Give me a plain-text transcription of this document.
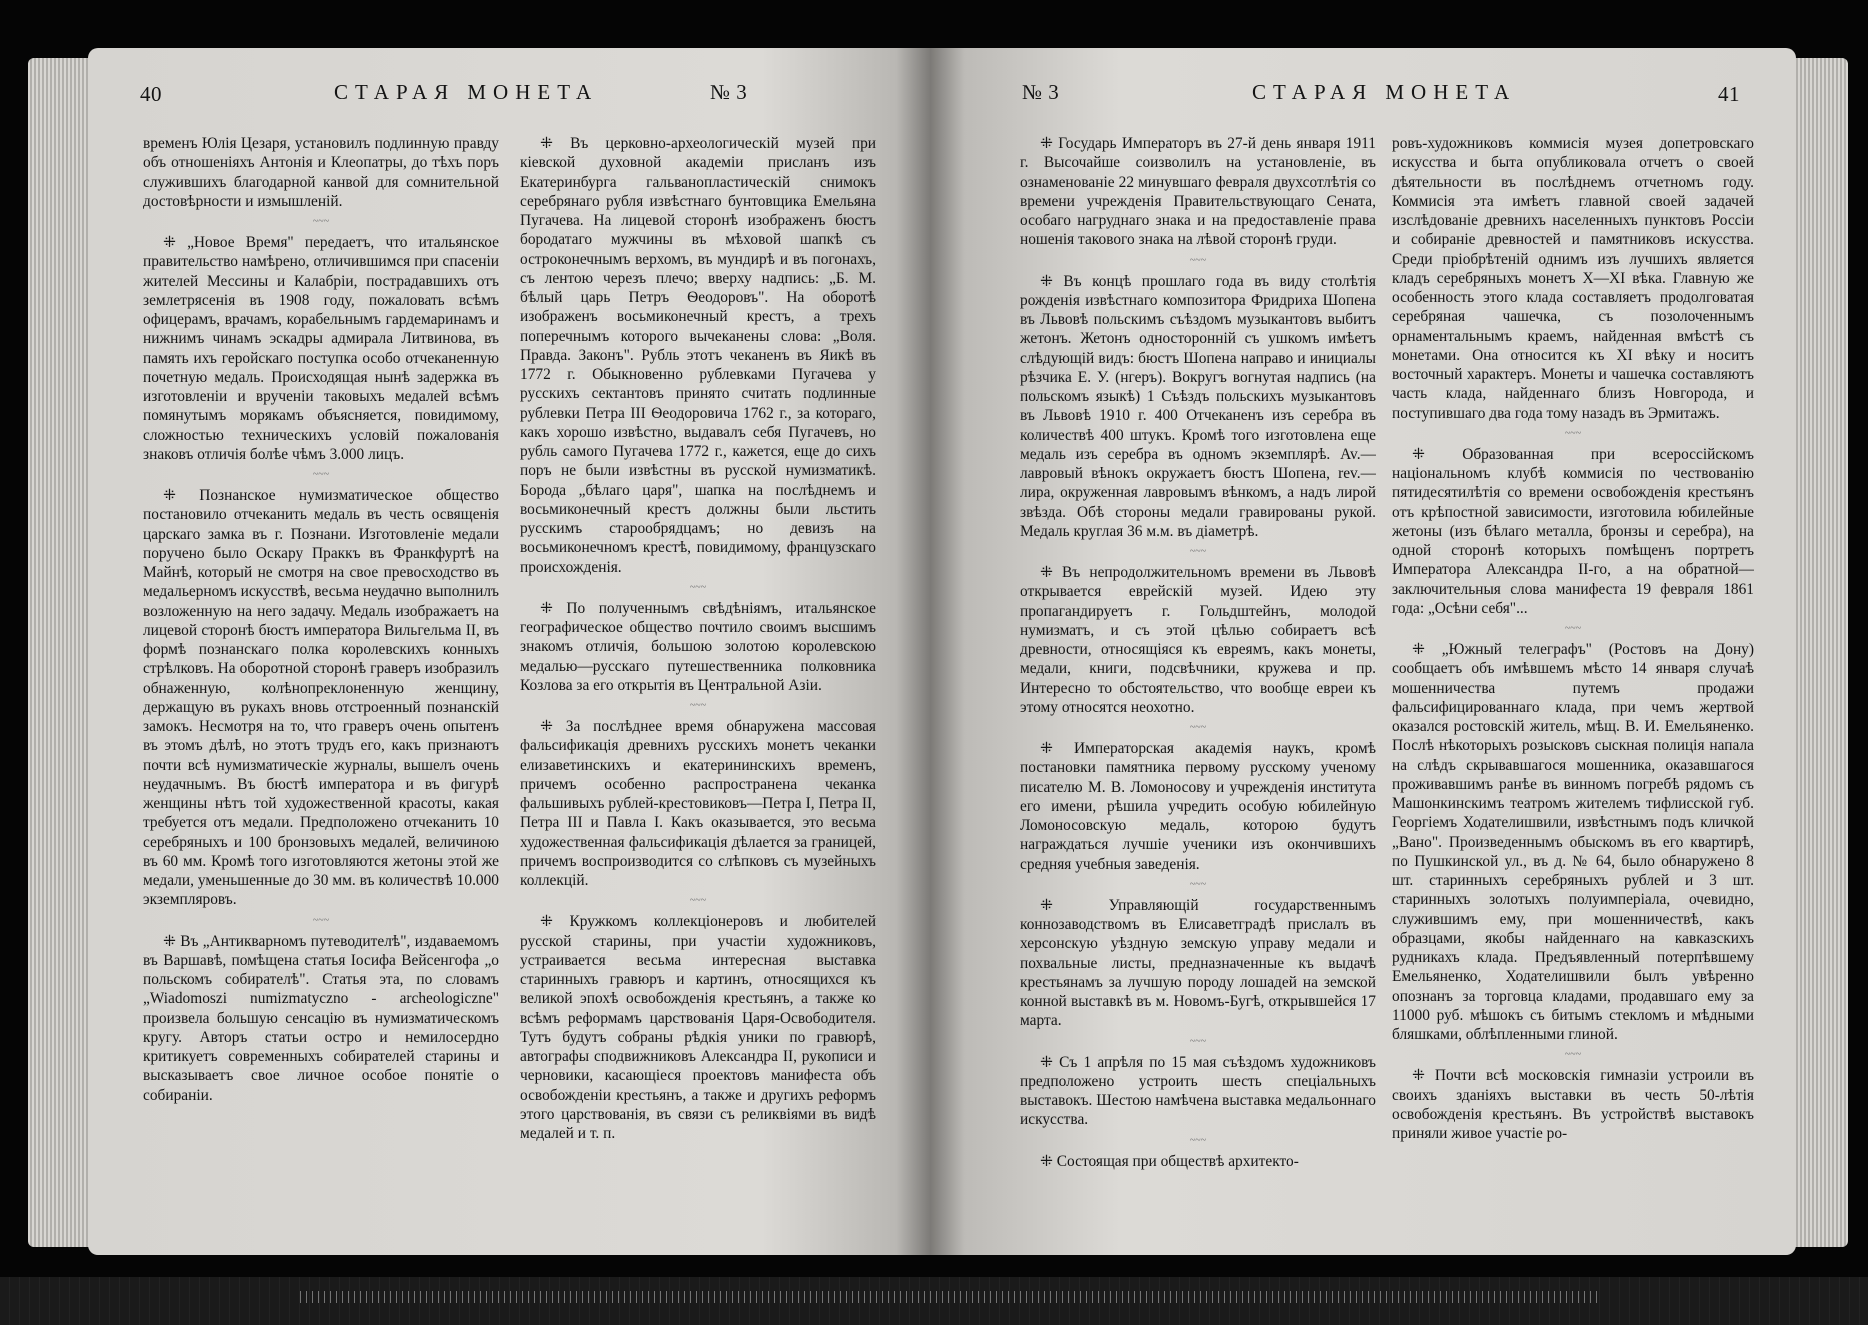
40	СТАРАЯ МОНЕТА	№ 3
временъ Юлія Цезаря, установилъ подлинную правду объ отношеніяхъ Антонія и Клеопатры, до тѣхъ поръ служившихъ благодарной канвой для сомнительной достовѣрности и измышленій.
~~~
⁜ „Новое Время" передаетъ, что итальянское правительство намѣрено, отличившимся при спасеніи жителей Мессины и Калабріи, пострадавшихъ отъ землетрясенія въ 1908 году, пожаловать всѣмъ офицерамъ, врачамъ, корабельнымъ гардемаринамъ и нижнимъ чинамъ эскадры адмирала Литвинова, въ память ихъ геройскаго поступка особо отчеканенную почетную медаль. Происходящая нынѣ задержка въ изготовленіи и врученіи таковыхъ медалей всѣмъ помянутымъ морякамъ объясняется, повидимому, сложностью техническихъ условій пожалованія знаковъ отличія болѣе чѣмъ 3.000 лицъ.
~~~
⁜ Познанское нумизматическое общество постановило отчеканить медаль въ честь освященія царскаго замка въ г. Познани. Изготовленіе медали поручено было Оскару Праккъ въ Франкфуртѣ на Майнѣ, который не смотря на свое превосходство въ медальерномъ искусствѣ, весьма неудачно выполнилъ возложенную на него задачу. Медаль изображаетъ на лицевой сторонѣ бюстъ императора Вильгельма II, въ формѣ познанскаго полка королевскихъ конныхъ стрѣлковъ. На оборотной сторонѣ граверъ изобразилъ обнаженную, колѣнопреклоненную женщину, держащую въ рукахъ вновь отстроенный познанскій замокъ. Несмотря на то, что граверъ очень опытенъ въ этомъ дѣлѣ, но этотъ трудъ его, какъ признаютъ почти всѣ нумизматическіе журналы, вышелъ очень неудачнымъ. Въ бюстѣ императора и въ фигурѣ женщины нѣтъ той художественной красоты, какая требуется отъ медали. Предположено отчеканить 10 серебряныхъ и 100 бронзовыхъ медалей, величиною въ 60 мм. Кромѣ того изготовляются жетоны этой же медали, уменьшенные до 30 мм. въ количествѣ 10.000 экземпляровъ.
~~~
⁜ Въ „Антикварномъ путеводителѣ", издаваемомъ въ Варшавѣ, помѣщена статья Іосифа Вейсенгофа „о польскомъ собирателѣ". Статья эта, по словамъ „Wiadomoszi numizmatyczno - archeologiczne" произвела большую сенсацію въ нумизматическомъ кругу. Авторъ статьи остро и немилосердно критикуетъ современныхъ собирателей старины и высказываетъ свое личное особое понятіе о собираніи.
⁜ Въ церковно-археологическій музей при кіевской духовной академіи присланъ изъ Екатеринбурга гальванопластическій снимокъ серебрянаго рубля извѣстнаго бунтовщика Емельяна Пугачева. На лицевой сторонѣ изображенъ бюстъ бородатаго мужчины въ мѣховой шапкѣ съ остроконечнымъ верхомъ, въ мундирѣ и въ погонахъ, съ лентою черезъ плечо; вверху надпись: „Б. М. бѣлый царь Петръ Ѳеодоровъ". На оборотѣ изображенъ восьмиконечный крестъ, а трехъ поперечнымъ которого вычеканены слова: „Воля. Правда. Законъ". Рубль этотъ чеканенъ въ Яикѣ въ 1772 г. Обыкновенно рублевками Пугачева у русскихъ сектантовъ принято считать подлинные рублевки Петра III Ѳеодоровича 1762 г., за котораго, какъ хорошо извѣстно, выдавалъ себя Пугачевъ, но рубль самого Пугачева 1772 г., кажется, еще до сихъ поръ не были извѣстны въ русской нумизматикѣ. Борода „бѣлаго царя", шапка на послѣднемъ и восьмиконечный крестъ должны были льстить русскимъ старообрядцамъ; но девизъ на восьмиконечномъ крестѣ, повидимому, французскаго происхожденія.
~~~
⁜ По полученнымъ свѣдѣніямъ, итальянское географическое общество почтило своимъ высшимъ знакомъ отличія, большою золотою королевскою медалью—русскаго путешественника полковника Козлова за его открытія въ Центральной Азіи.
~~~
⁜ За послѣднее время обнаружена массовая фальсификація древнихъ русскихъ монетъ чеканки елизаветинскихъ и екатерининскихъ временъ, причемъ особенно распространена чеканка фальшивыхъ рублей-крестовиковъ—Петра I, Петра II, Петра III и Павла I. Какъ оказывается, это весьма художественная фальсификація дѣлается за границей, причемъ воспроизводится со слѣпковъ съ музейныхъ коллекцій.
~~~
⁜ Кружкомъ коллекціонеровъ и любителей русской старины, при участіи художниковъ, устраивается весьма интересная выставка старинныхъ гравюръ и картинъ, относящихся къ великой эпохѣ освобожденія крестьянъ, а также ко всѣмъ реформамъ царствованія Царя-Освободителя. Тутъ будутъ собраны рѣдкія уники по гравюрѣ, автографы сподвижниковъ Александра II, рукописи и черновики, касающіеся проектовъ манифеста объ освобожденіи крестьянъ, а также и другихъ реформъ этого царствованія, въ связи съ реликвіями въ видѣ медалей и т. п.
№ 3	СТАРАЯ МОНЕТА	41
⁜ Государь Императоръ въ 27-й день января 1911 г. Высочайше соизволилъ на установленіе, въ ознаменованіе 22 минувшаго февраля двухсотлѣтія со времени учрежденія Правительствующаго Сената, особаго нагруднаго знака и на предоставленіе права ношенія такового знака на лѣвой сторонѣ груди.
~~~
⁜ Въ концѣ прошлаго года въ виду столѣтія рожденія извѣстнаго композитора Фридриха Шопена въ Львовѣ польскимъ съѣздомъ музыкантовъ выбитъ жетонъ. Жетонъ односторонній съ ушкомъ имѣетъ слѣдующій видъ: бюстъ Шопена направо и инициалы рѣзчика Е. У. (нгеръ). Вокругъ вогнутая надпись (на польскомъ языкѣ) 1 Съѣздъ польскихъ музыкантовъ въ Львовѣ 1910 г. 400 Отчеканенъ изъ серебра въ количествѣ 400 штукъ. Кромѣ того изготовлена еще медаль изъ серебра въ одномъ экземплярѣ. Av.—лавровый вѣнокъ окружаетъ бюстъ Шопена, rev.—лира, окруженная лавровымъ вѣнкомъ, а надъ лирой звѣзда. Обѣ стороны медали гравированы рукой. Медаль круглая 36 м.м. въ діаметрѣ.
~~~
⁜ Въ непродолжительномъ времени въ Львовѣ открывается еврейскій музей. Идею эту пропагандируетъ г. Гольдштейнъ, молодой нумизматъ, и съ этой цѣлью собираетъ всѣ древности, относящіяся къ евреямъ, какъ монеты, медали, книги, подсвѣчники, кружева и пр. Интересно то обстоятельство, что вообще евреи къ этому относятся неохотно.
~~~
⁜ Императорская академія наукъ, кромѣ постановки памятника первому русскому ученому писателю М. В. Ломоносову и учрежденія института его имени, рѣшила учредить особую юбилейную Ломоносовскую медаль, которою будутъ награждаться лучшіе ученики изъ окончившихъ средняя учебныя заведенія.
~~~
⁜ Управляющій государственнымъ коннозаводствомъ въ Елисаветградѣ прислалъ въ херсонскую уѣздную земскую управу медали и похвальные листы, предназначенные къ выдачѣ крестьянамъ за лучшую породу лошадей на земской конной выставкѣ въ м. Новомъ-Бугѣ, открывшейся 17 марта.
~~~
⁜ Съ 1 апрѣля по 15 мая съѣздомъ художниковъ предположено устроить шесть спеціальныхъ выставокъ. Шестою намѣчена выставка медальоннаго искусства.
~~~
⁜ Состоящая при обществѣ архитекто-
ровъ-художниковъ коммисія музея допетровскаго искусства и быта опубликовала отчетъ о своей дѣятельности въ послѣднемъ отчетномъ году. Коммисія эта имѣетъ главной своей задачей изслѣдованіе древнихъ населенныхъ пунктовъ Россіи и собираніе древностей и памятниковъ искусства. Среди пріобрѣтеній однимъ изъ лучшихъ является кладъ серебряныхъ монетъ X—XI вѣка. Главную же особенность этого клада составляетъ продолговатая серебряная чашечка, съ позолоченнымъ орнаментальнымъ краемъ, найденная вмѣстѣ съ монетами. Она относится къ XI вѣку и носитъ восточный характеръ. Монеты и чашечка составляютъ часть клада, найденнаго близъ Новгорода, и поступившаго два года тому назадъ въ Эрмитажъ.
~~~
⁜ Образованная при всероссійскомъ національномъ клубѣ коммисія по чествованію пятидесятилѣтія со времени освобожденія крестьянъ отъ крѣпостной зависимости, изготовила юбилейные жетоны (изъ бѣлаго металла, бронзы и серебра), на одной сторонѣ которыхъ помѣщенъ портретъ Императора Александра II-го, а на обратной—заключительныя слова манифеста 19 февраля 1861 года: „Осѣни себя"...
~~~
⁜ „Южный телеграфъ" (Ростовъ на Дону) сообщаетъ объ имѣвшемъ мѣсто 14 января случаѣ мошенничества путемъ продажи фальсифицированнаго клада, при чемъ жертвой оказался ростовскій житель, мѣщ. В. И. Емельяненко. Послѣ нѣкоторыхъ розысковъ сыскная полиція напала на слѣдъ скрывавшагося мошенника, оказавшагося проживавшимъ ранѣе въ винномъ погребѣ рядомъ съ Машонкинскимъ театромъ жителемъ тифлисской губ. Георгіемъ Ходателишвили, извѣстнымъ подъ кличкой „Вано". Произведеннымъ обыскомъ въ его квартирѣ, по Пушкинской ул., въ д. № 64, было обнаружено 8 шт. старинныхъ серебряныхъ рублей и 3 шт. старинныхъ золотыхъ полуимперіала, очевидно, служившимъ ему, при мошенничествѣ, какъ образцами, якобы найденнаго на кавказскихъ рудникахъ клада. Предъявленный потерпѣвшему Емельяненко, Ходателишвили былъ увѣренно опознанъ за торговца кладами, продавшаго ему за 11000 руб. мѣшокъ съ битымъ стекломъ и мѣдными бляшками, облѣпленными глиной.
~~~
⁜ Почти всѣ московскія гимназіи устроили въ своихъ зданіяхъ выставки въ честь 50-лѣтія освобожденія крестьянъ. Въ устройствѣ выставокъ приняли живое участіе ро-
